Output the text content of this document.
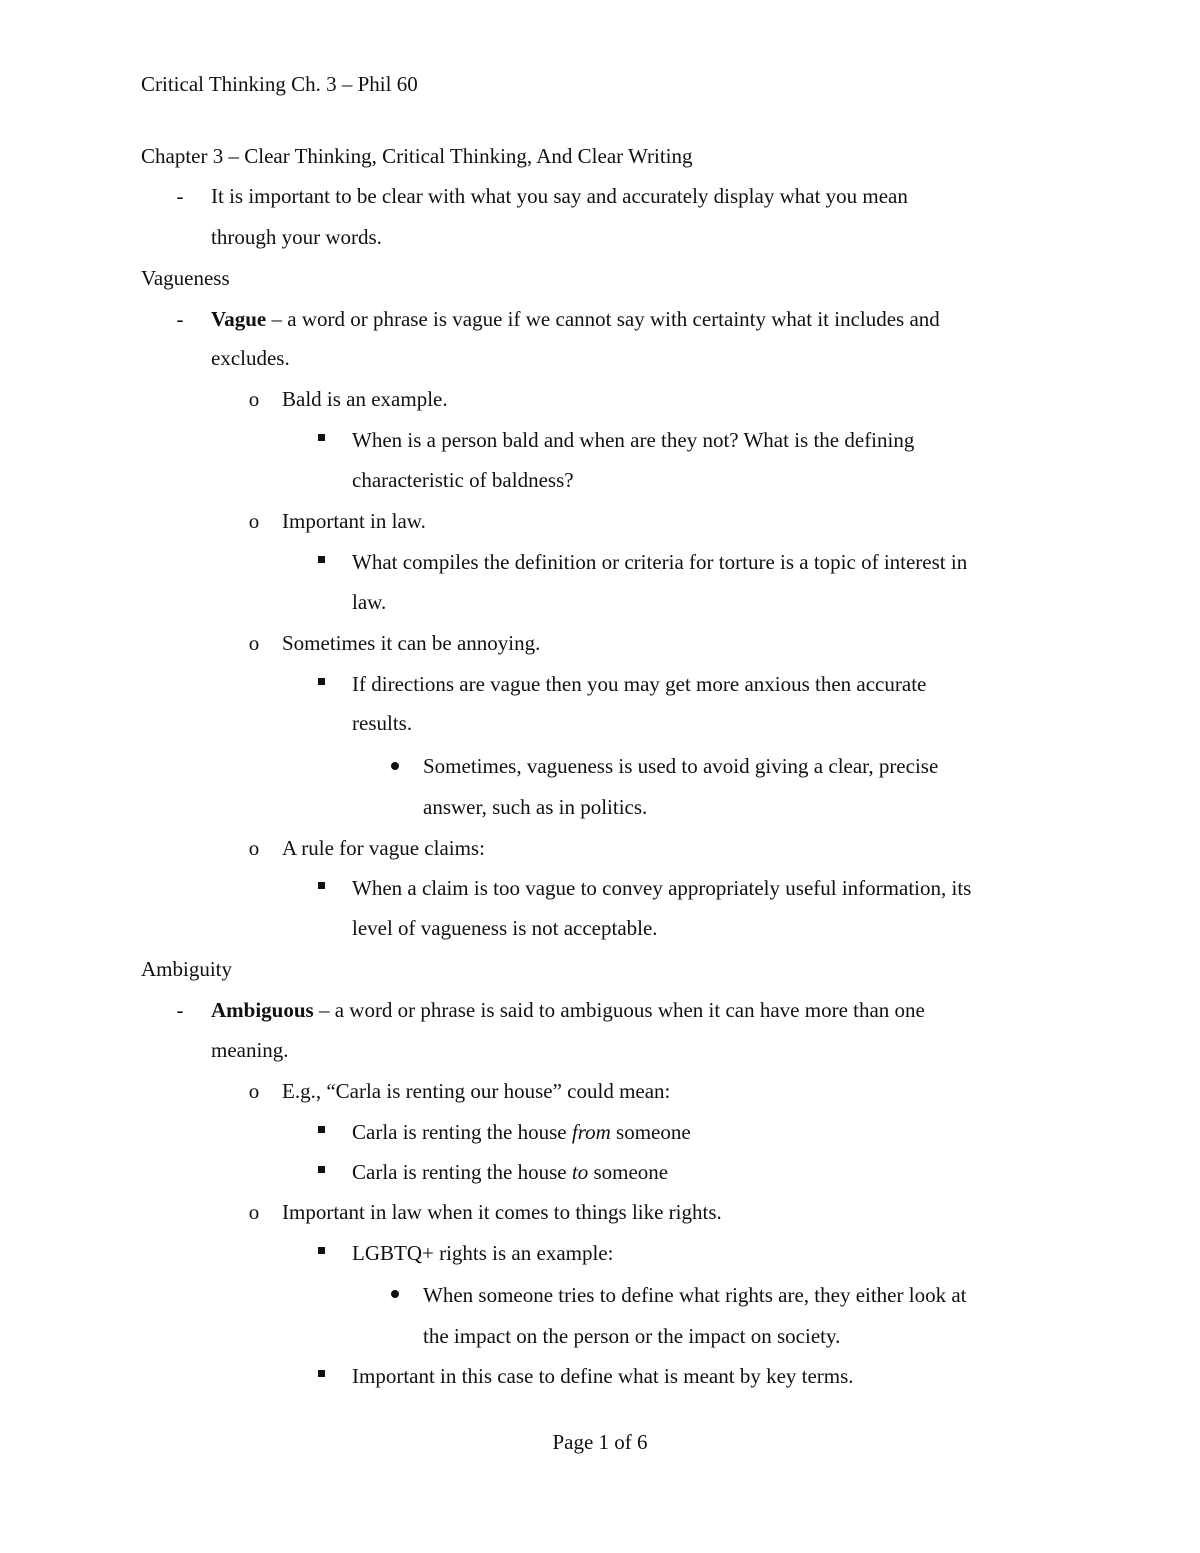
Critical Thinking Ch. 3 – Phil 60
Chapter 3 – Clear Thinking, Critical Thinking, And Clear Writing
-	It is important to be clear with what you say and accurately display what you mean
through your words.
Vagueness
-	Vague – a word or phrase is vague if we cannot say with certainty what it includes and
excludes.
o Bald is an example.
When is a person bald and when are they not? What is the defining
characteristic of baldness?
o Important in law.
What compiles the definition or criteria for torture is a topic of interest in
law.
o Sometimes it can be annoying.
If directions are vague then you may get more anxious then accurate
results.
Sometimes, vagueness is used to avoid giving a clear, precise
answer, such as in politics.
o A rule for vague claims:
When a claim is too vague to convey appropriately useful information, its
level of vagueness is not acceptable.
Ambiguity
-	Ambiguous – a word or phrase is said to ambiguous when it can have more than one
meaning.
o E.g., “Carla is renting our house” could mean:
Carla is renting the house from someone
Carla is renting the house to someone
o Important in law when it comes to things like rights.
LGBTQ+ rights is an example:
When someone tries to define what rights are, they either look at
the impact on the person or the impact on society.
Important in this case to define what is meant by key terms.
Page 1 of 6
